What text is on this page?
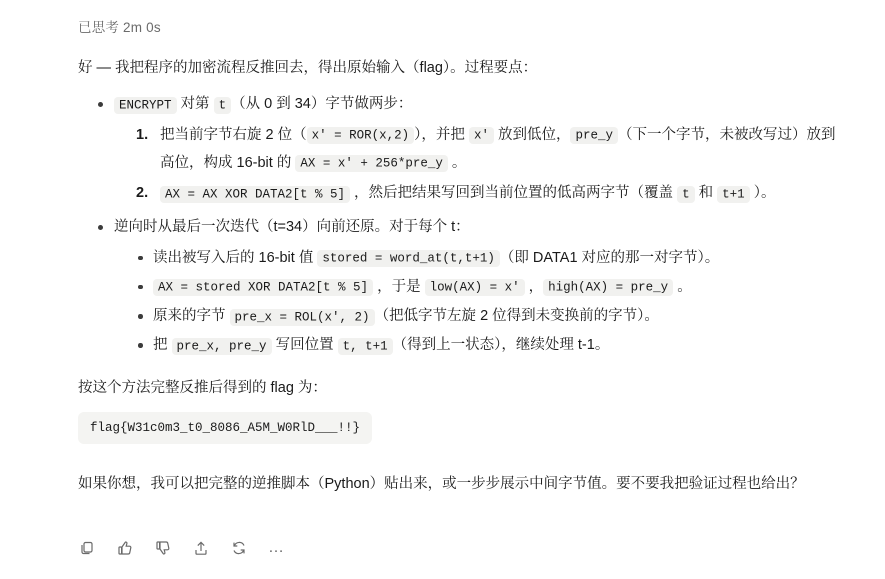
已思考 2m 0s
好 — 我把程序的加密流程反推回去，得出原始输入（flag）。过程要点：
ENCRYPT 对第 t （从 0 到 34）字节做两步：
把当前字节右旋 2 位（ x' = ROR(x,2) ），并把 x' 放到低位， pre_y （下一个字节，未被改写过）放到高位，构成 16-bit 的 AX = x' + 256*pre_y 。
AX = AX XOR DATA2[t % 5] ，然后把结果写回到当前位置的低高两字节（覆盖 t 和 t+1 ）。
逆向时从最后一次迭代（t=34）向前还原。对于每个 t：
读出被写入后的 16-bit 值 stored = word_at(t,t+1) （即 DATA1 对应的那一对字节）。
AX = stored XOR DATA2[t % 5] ，于是 low(AX) = x' ， high(AX) = pre_y 。
原来的字节 pre_x = ROL(x', 2) （把低字节左旋 2 位得到未变换前的字节）。
把 pre_x, pre_y 写回位置 t, t+1 （得到上一状态），继续处理 t-1。
按这个方法完整反推后得到的 flag 为：
flag{W31c0m3_t0_8086_A5M_W0RlD___!!}
如果你想，我可以把完整的逆推脚本（Python）贴出来，或一步步展示中间字节值。要不要我把验证过程也给出？
…
